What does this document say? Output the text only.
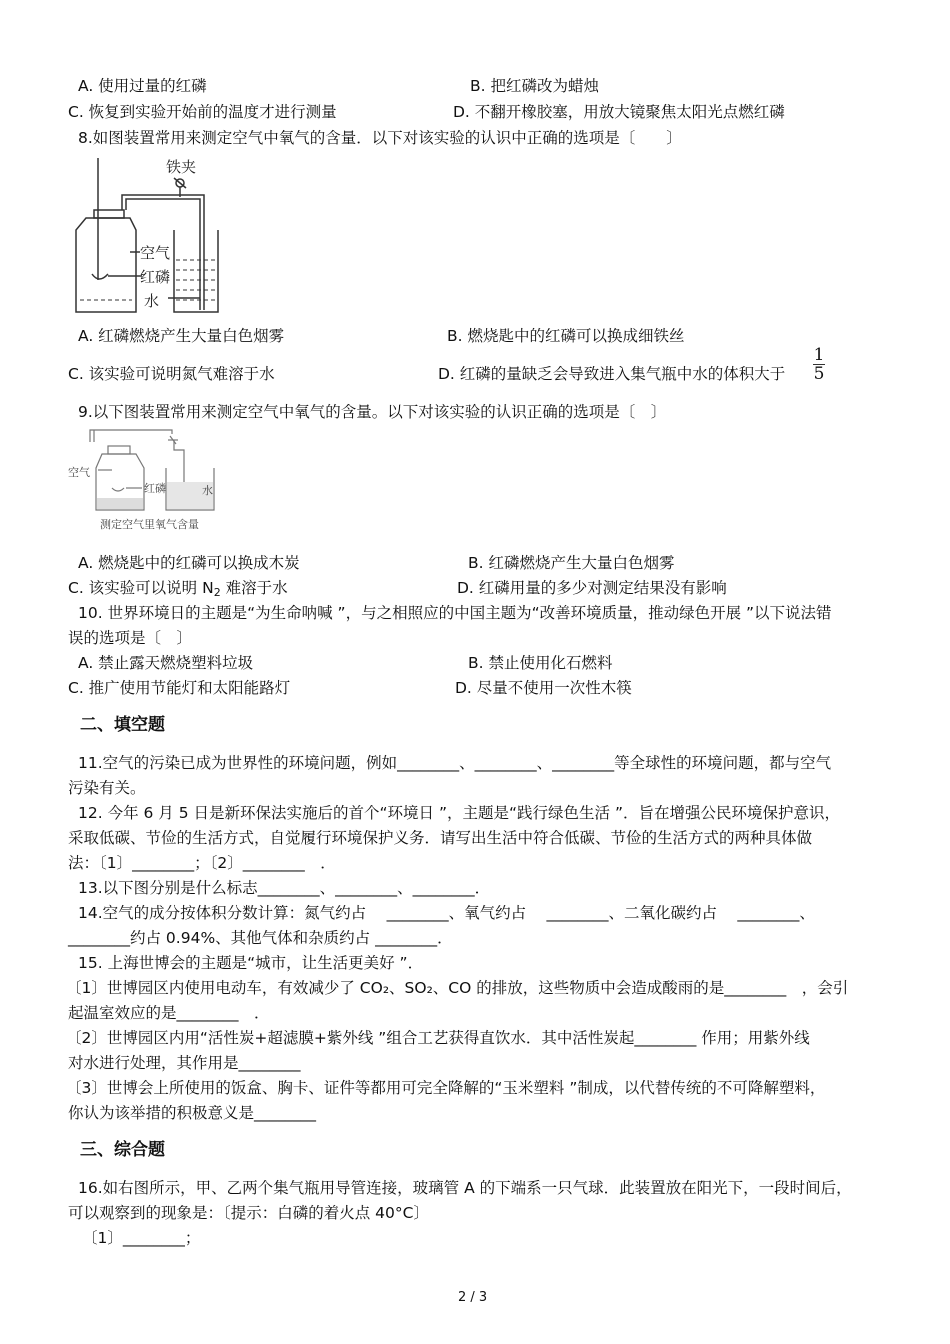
A. 使用过量的红磷	B. 把红磷改为蜡烛
C. 恢复到实验开始前的温度才进行测量	D. 不翻开橡胶塞，用放大镜聚焦太阳光点燃红磷
8.如图装置常用来测定空气中氧气的含量．以下对该实验的认识中正确的选项是〔　　〕
铁夹
空气
红磷
水
A. 红磷燃烧产生大量白色烟雾	B. 燃烧匙中的红磷可以换成细铁丝
C. 该实验可说明氮气难溶于水	D. 红磷的量缺乏会导致进入集气瓶中水的体积大于
1
5
9.以下图装置常用来测定空气中氧气的含量。以下对该实验的认识正确的选项是〔　〕
空气
红磷	水
测定空气里氧气含量
A. 燃烧匙中的红磷可以换成木炭	B. 红磷燃烧产生大量白色烟雾
C. 该实验可以说明 $N_2$ 难溶于水	D. 红磷用量的多少对测定结果没有影响
10. 世界环境日的主题是“为生命呐喊 ”，与之相照应的中国主题为“改善环境质量，推动绿色开展 ”以下说法错
误的选项是〔　〕
A. 禁止露天燃烧塑料垃圾	B. 禁止使用化石燃料
C. 推广使用节能灯和太阳能路灯	D. 尽量不使用一次性木筷
二、填空题
11.空气的污染已成为世界性的环境问题，例如________、________、________等全球性的环境问题，都与空气
污染有关。
12. 今年 6 月 5 日是新环保法实施后的首个“环境日 ”，主题是“践行绿色生活 ”．旨在增强公民环境保护意识，
采取低碳、节俭的生活方式，自觉履行环境保护义务．请写出生活中符合低碳、节俭的生活方式的两种具体做
法：〔1〕________；〔2〕________　．
13.以下图分别是什么标志________、________、________．
14.空气的成分按体积分数计算：氮气约占　 ________、氧气约占　 ________、二氧化碳约占　 ________、
________约占 0.94%、其他气体和杂质约占 ________．
15. 上海世博会的主题是“城市，让生活更美好 ”．
〔1〕世博园区内使用电动车，有效减少了 CO₂、SO₂、CO 的排放，这些物质中会造成酸雨的是________　，会引
起温室效应的是________　．
〔2〕世博园区内用“活性炭+超滤膜+紫外线 ”组合工艺获得直饮水．其中活性炭起________ 作用；用紫外线
对水进行处理，其作用是________
〔3〕世博会上所使用的饭盒、胸卡、证件等都用可完全降解的“玉米塑料 ”制成，以代替传统的不可降解塑料，
你认为该举措的积极意义是________
三、综合题
16.如右图所示，甲、乙两个集气瓶用导管连接，玻璃管 A 的下端系一只气球．此装置放在阳光下，一段时间后，
可以观察到的现象是：〔提示：白磷的着火点 40°C〕
〔1〕________；
2 / 3
